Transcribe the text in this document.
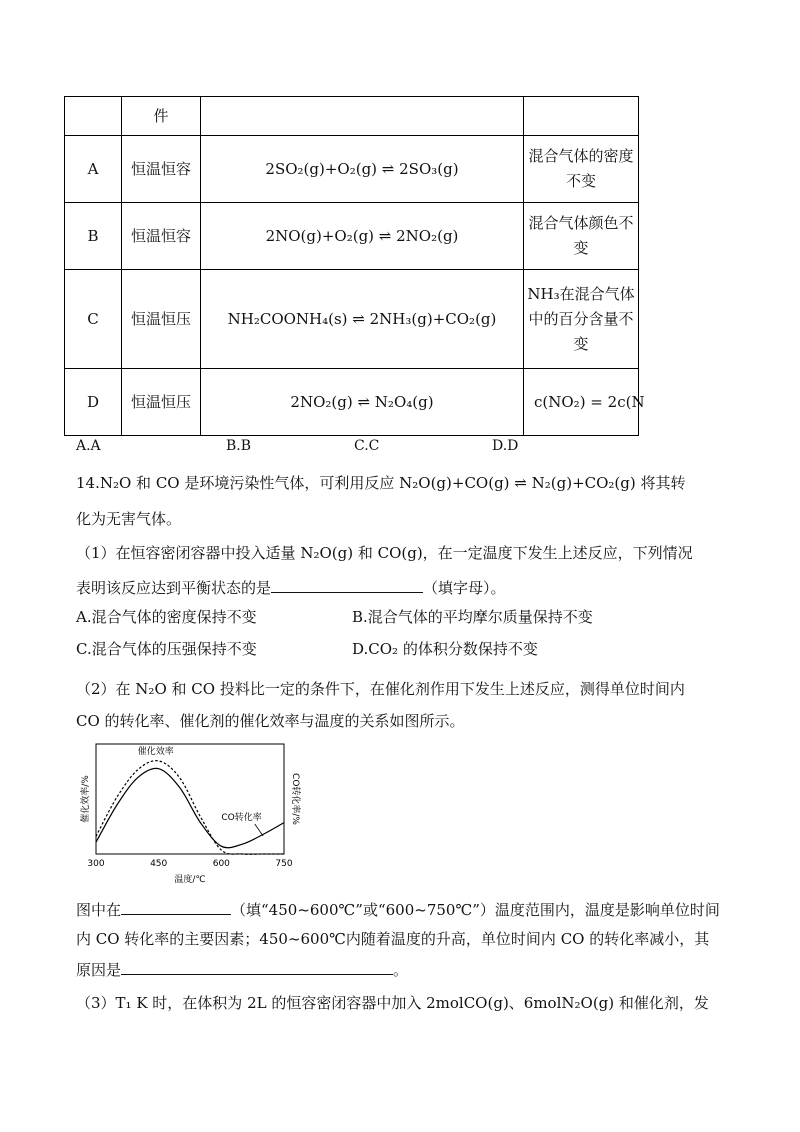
	件		
A	恒温恒容	2SO₂(g)+O₂(g) ⇌ 2SO₃(g)	混合气体的密度不变
B	恒温恒容	2NO(g)+O₂(g) ⇌ 2NO₂(g)	混合气体颜色不变
C	恒温恒压	NH₂COONH₄(s) ⇌ 2NH₃(g)+CO₂(g)	NH₃在混合气体中的百分含量不变
D	恒温恒压	2NO₂(g) ⇌ N₂O₄(g)	c(NO₂) = 2c(N
A.A	B.B	C.C	D.D
14.N₂O 和 CO 是环境污染性气体，可利用反应 N₂O(g)+CO(g) ⇌ N₂(g)+CO₂(g) 将其转
化为无害气体。
（1）在恒容密闭容器中投入适量 N₂O(g) 和 CO(g)，在一定温度下发生上述反应，下列情况
表明该反应达到平衡状态的是	（填字母）。
A.混合气体的密度保持不变	B.混合气体的平均摩尔质量保持不变
C.混合气体的压强保持不变	D.CO₂ 的体积分数保持不变
（2）在 N₂O 和 CO 投料比一定的条件下，在催化剂作用下发生上述反应，测得单位时间内
CO 的转化率、催化剂的催化效率与温度的关系如图所示。
300	450	600	750
催化效率/%	CO转化率/%
温度/℃
催化效率
CO转化率
图中在	（填“450~600℃”或“600~750℃”）温度范围内，温度是影响单位时间
内 CO 转化率的主要因素；450~600℃内随着温度的升高，单位时间内 CO 的转化率减小，其
原因是	。
（3）T₁ K 时，在体积为 2L 的恒容密闭容器中加入 2molCO(g)、6molN₂O(g) 和催化剂，发
